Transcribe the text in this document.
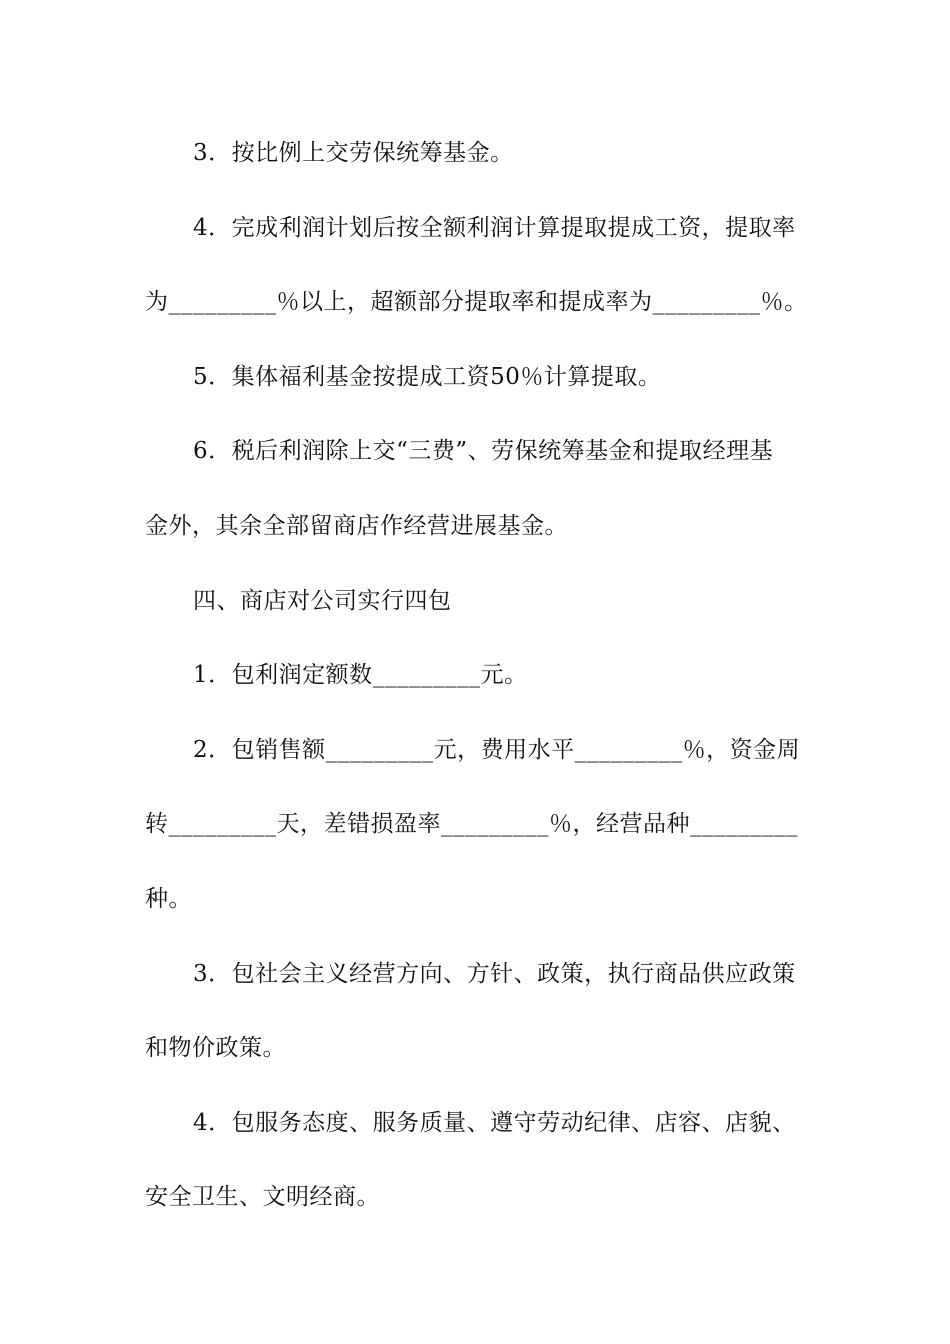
3．按比例上交劳保统筹基金。
4．完成利润计划后按全额利润计算提取提成工资，提取率
为_________％以上，超额部分提取率和提成率为_________％。
5．集体福利基金按提成工资50％计算提取。
6．税后利润除上交“三费”、劳保统筹基金和提取经理基
金外，其余全部留商店作经营进展基金。
四、商店对公司实行四包
1．包利润定额数_________元。
2．包销售额_________元，费用水平_________％，资金周
转_________天，差错损盈率_________％，经营品种_________
种。
3．包社会主义经营方向、方针、政策，执行商品供应政策
和物价政策。
4．包服务态度、服务质量、遵守劳动纪律、店容、店貌、
安全卫生、文明经商。
